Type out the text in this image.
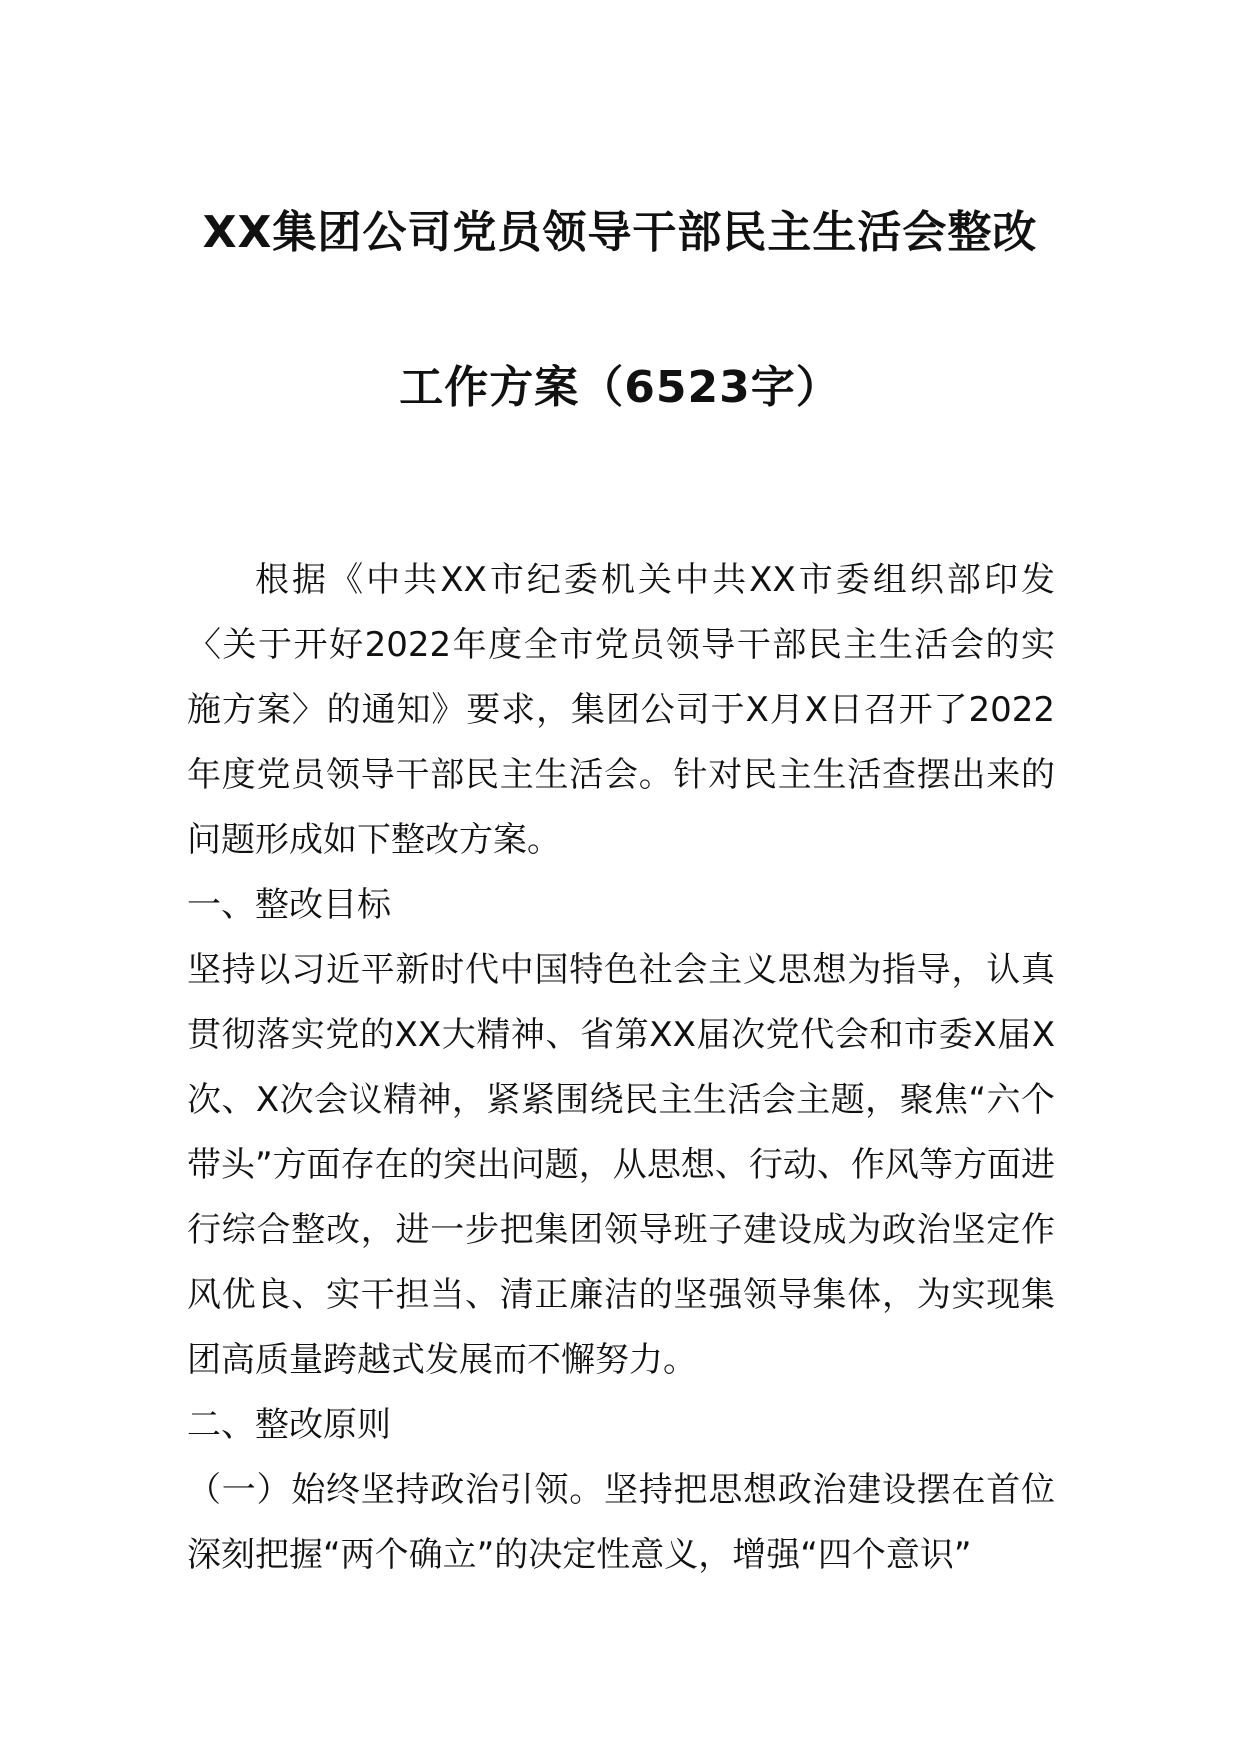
XX集团公司党员领导干部民主生活会整改
工作方案（6523字）

根据《中共XX市纪委机关中共XX市委组织部印发〈关于开好2022年度全市党员领导干部民主生活会的实施方案〉的通知》要求，集团公司于X月X日召开了2022年度党员领导干部民主生活会。针对民主生活查摆出来的问题形成如下整改方案。

一、整改目标

坚持以习近平新时代中国特色社会主义思想为指导，认真贯彻落实党的XX大精神、省第XX届次党代会和市委X届X次、X次会议精神，紧紧围绕民主生活会主题，聚焦“六个带头”方面存在的突出问题，从思想、行动、作风等方面进行综合整改，进一步把集团领导班子建设成为政治坚定作风优良、实干担当、清正廉洁的坚强领导集体，为实现集团高质量跨越式发展而不懈努力。

二、整改原则

（一）始终坚持政治引领。坚持把思想政治建设摆在首位深刻把握“两个确立”的决定性意义，增强“四个意识”
